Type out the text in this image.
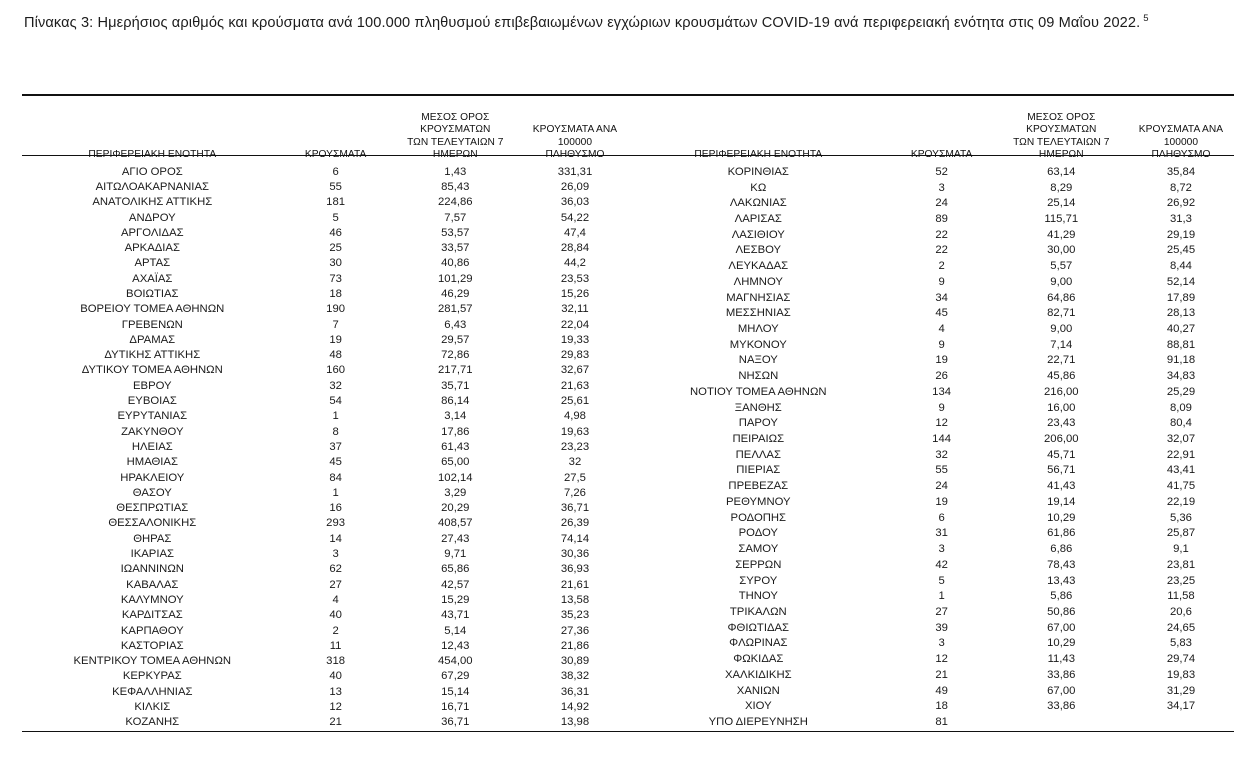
Πίνακας 3: Ημερήσιος αριθμός και κρούσματα ανά 100.000 πληθυσμού επιβεβαιωμένων εγχώριων κρουσμάτων COVID-19 ανά περιφερειακή ενότητα στις 09 Μαΐου 2022. $^5$
ΠΕΡΙΦΕΡΕΙΑΚΗ ΕΝΟΤΗΤΑ	ΚΡΟΥΣΜΑΤΑ	ΜΕΣΟΣ ΟΡΟΣ ΚΡΟΥΣΜΑΤΩΝ
ΤΩΝ ΤΕΛΕΥΤΑΙΩΝ 7 ΗΜΕΡΩΝ	ΚΡΟΥΣΜΑΤΑ ΑΝΑ 100000
ΠΛΗΘΥΣΜΟ

ΑΓΙΟ ΟΡΟΣ	6	1,43	331,31
ΑΙΤΩΛΟΑΚΑΡΝΑΝΙΑΣ	55	85,43	26,09
ΑΝΑΤΟΛΙΚΗΣ ΑΤΤΙΚΗΣ	181	224,86	36,03
ΑΝΔΡΟΥ	5	7,57	54,22
ΑΡΓΟΛΙΔΑΣ	46	53,57	47,4
ΑΡΚΑΔΙΑΣ	25	33,57	28,84
ΑΡΤΑΣ	30	40,86	44,2
ΑΧΑΪΑΣ	73	101,29	23,53
ΒΟΙΩΤΙΑΣ	18	46,29	15,26
ΒΟΡΕΙΟΥ ΤΟΜΕΑ ΑΘΗΝΩΝ	190	281,57	32,11
ΓΡΕΒΕΝΩΝ	7	6,43	22,04
ΔΡΑΜΑΣ	19	29,57	19,33
ΔΥΤΙΚΗΣ ΑΤΤΙΚΗΣ	48	72,86	29,83
ΔΥΤΙΚΟΥ ΤΟΜΕΑ ΑΘΗΝΩΝ	160	217,71	32,67
ΕΒΡΟΥ	32	35,71	21,63
ΕΥΒΟΙΑΣ	54	86,14	25,61
ΕΥΡΥΤΑΝΙΑΣ	1	3,14	4,98
ΖΑΚΥΝΘΟΥ	8	17,86	19,63
ΗΛΕΙΑΣ	37	61,43	23,23
ΗΜΑΘΙΑΣ	45	65,00	32
ΗΡΑΚΛΕΙΟΥ	84	102,14	27,5
ΘΑΣΟΥ	1	3,29	7,26
ΘΕΣΠΡΩΤΙΑΣ	16	20,29	36,71
ΘΕΣΣΑΛΟΝΙΚΗΣ	293	408,57	26,39
ΘΗΡΑΣ	14	27,43	74,14
ΙΚΑΡΙΑΣ	3	9,71	30,36
ΙΩΑΝΝΙΝΩΝ	62	65,86	36,93
ΚΑΒΑΛΑΣ	27	42,57	21,61
ΚΑΛΥΜΝΟΥ	4	15,29	13,58
ΚΑΡΔΙΤΣΑΣ	40	43,71	35,23
ΚΑΡΠΑΘΟΥ	2	5,14	27,36
ΚΑΣΤΟΡΙΑΣ	11	12,43	21,86
ΚΕΝΤΡΙΚΟΥ ΤΟΜΕΑ ΑΘΗΝΩΝ	318	454,00	30,89
ΚΕΡΚΥΡΑΣ	40	67,29	38,32
ΚΕΦΑΛΛΗΝΙΑΣ	13	15,14	36,31
ΚΙΛΚΙΣ	12	16,71	14,92
ΚΟΖΑΝΗΣ	21	36,71	13,98
ΠΕΡΙΦΕΡΕΙΑΚΗ ΕΝΟΤΗΤΑ	ΚΡΟΥΣΜΑΤΑ	ΜΕΣΟΣ ΟΡΟΣ ΚΡΟΥΣΜΑΤΩΝ
ΤΩΝ ΤΕΛΕΥΤΑΙΩΝ 7 ΗΜΕΡΩΝ	ΚΡΟΥΣΜΑΤΑ ΑΝΑ 100000
ΠΛΗΘΥΣΜΟ

ΚΟΡΙΝΘΙΑΣ	52	63,14	35,84
ΚΩ	3	8,29	8,72
ΛΑΚΩΝΙΑΣ	24	25,14	26,92
ΛΑΡΙΣΑΣ	89	115,71	31,3
ΛΑΣΙΘΙΟΥ	22	41,29	29,19
ΛΕΣΒΟΥ	22	30,00	25,45
ΛΕΥΚΑΔΑΣ	2	5,57	8,44
ΛΗΜΝΟΥ	9	9,00	52,14
ΜΑΓΝΗΣΙΑΣ	34	64,86	17,89
ΜΕΣΣΗΝΙΑΣ	45	82,71	28,13
ΜΗΛΟΥ	4	9,00	40,27
ΜΥΚΟΝΟΥ	9	7,14	88,81
ΝΑΞΟΥ	19	22,71	91,18
ΝΗΣΩΝ	26	45,86	34,83
ΝΟΤΙΟΥ ΤΟΜΕΑ ΑΘΗΝΩΝ	134	216,00	25,29
ΞΑΝΘΗΣ	9	16,00	8,09
ΠΑΡΟΥ	12	23,43	80,4
ΠΕΙΡΑΙΩΣ	144	206,00	32,07
ΠΕΛΛΑΣ	32	45,71	22,91
ΠΙΕΡΙΑΣ	55	56,71	43,41
ΠΡΕΒΕΖΑΣ	24	41,43	41,75
ΡΕΘΥΜΝΟΥ	19	19,14	22,19
ΡΟΔΟΠΗΣ	6	10,29	5,36
ΡΟΔΟΥ	31	61,86	25,87
ΣΑΜΟΥ	3	6,86	9,1
ΣΕΡΡΩΝ	42	78,43	23,81
ΣΥΡΟΥ	5	13,43	23,25
ΤΗΝΟΥ	1	5,86	11,58
ΤΡΙΚΑΛΩΝ	27	50,86	20,6
ΦΘΙΩΤΙΔΑΣ	39	67,00	24,65
ΦΛΩΡΙΝΑΣ	3	10,29	5,83
ΦΩΚΙΔΑΣ	12	11,43	29,74
ΧΑΛΚΙΔΙΚΗΣ	21	33,86	19,83
ΧΑΝΙΩΝ	49	67,00	31,29
ΧΙΟΥ	18	33,86	34,17
ΥΠΟ ΔΙΕΡΕΥΝΗΣΗ	81		
